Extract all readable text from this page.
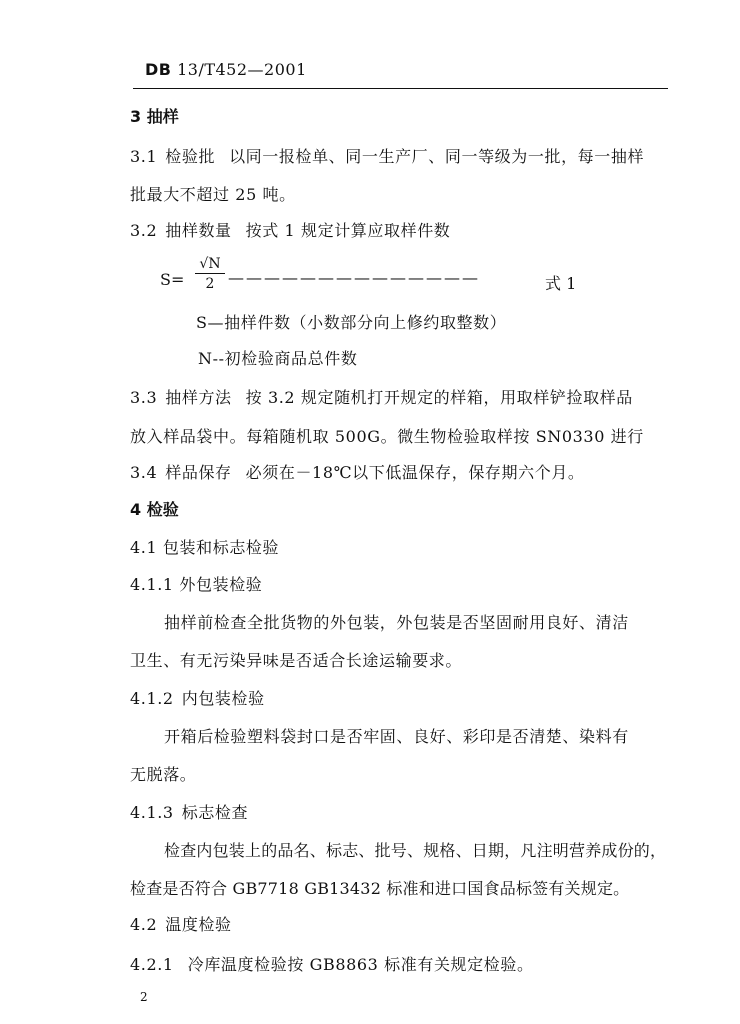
DB 13/T452—2001
3 抽样
3.1 检验批 以同一报检单、同一生产厂、同一等级为一批，每一抽样
批最大不超过 25 吨。
3.2 抽样数量 按式 1 规定计算应取样件数
$S= \frac{√N}{2}$ ——————————————	式 1
S—抽样件数（小数部分向上修约取整数）
N--初检验商品总件数
3.3 抽样方法 按 3.2 规定随机打开规定的样箱，用取样铲捡取样品
放入样品袋中。每箱随机取 500G。微生物检验取样按 SN0330 进行
3.4 样品保存 必须在－18℃以下低温保存，保存期六个月。
4 检验
4.1 包装和标志检验
4.1.1 外包装检验
抽样前检查全批货物的外包装，外包装是否坚固耐用良好、清洁
卫生、有无污染异味是否适合长途运输要求。
4.1.2 内包装检验
开箱后检验塑料袋封口是否牢固、良好、彩印是否清楚、染料有
无脱落。
4.1.3 标志检查
检查内包装上的品名、标志、批号、规格、日期，凡注明营养成份的，
检查是否符合 GB7718 GB13432 标准和进口国食品标签有关规定。
4.2 温度检验
4.2.1 冷库温度检验按 GB8863 标准有关规定检验。
2
